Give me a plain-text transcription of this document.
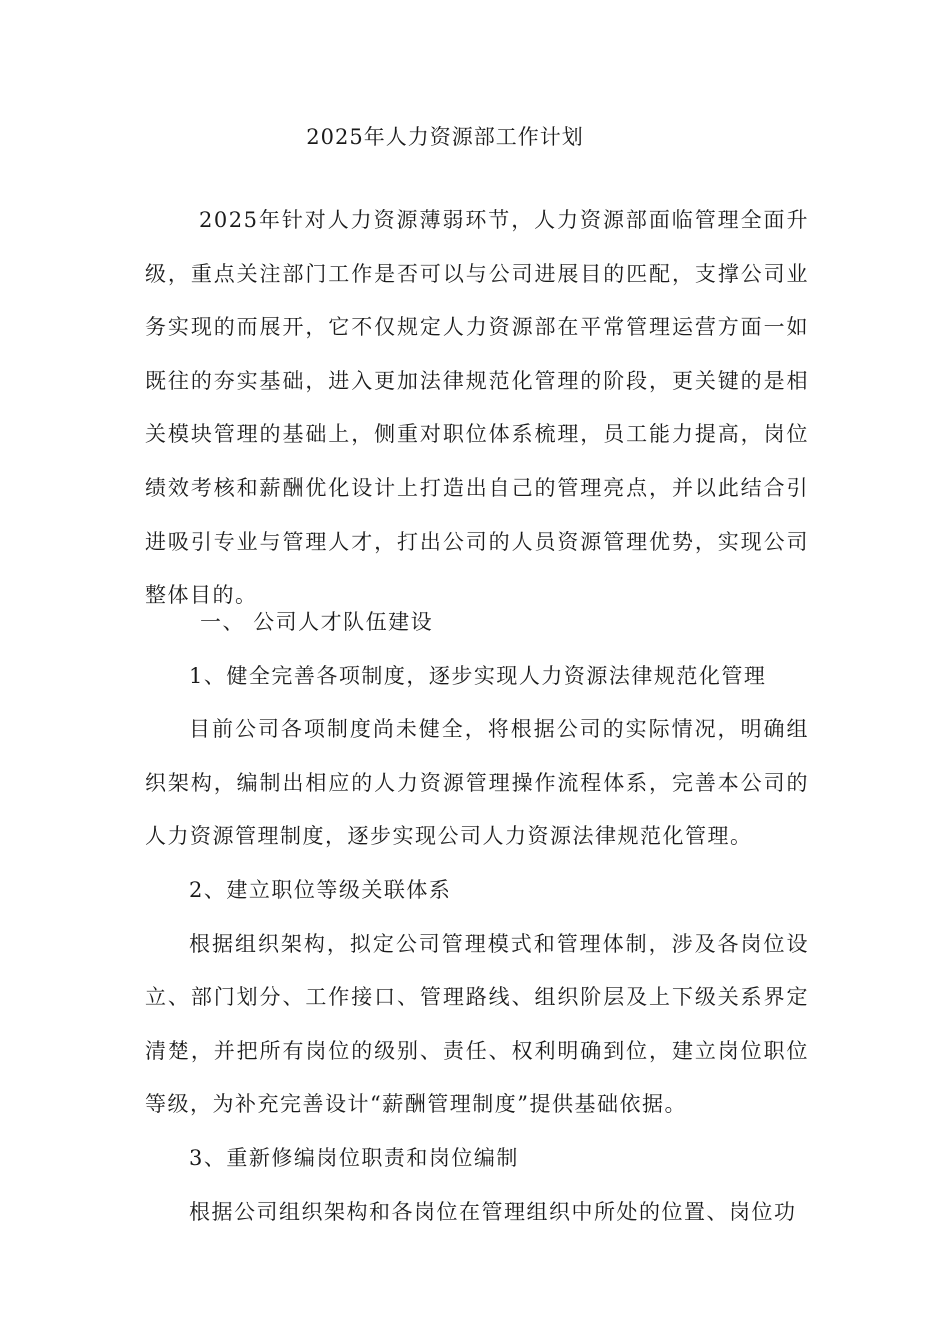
2025年人力资源部工作计划
2025年针对人力资源薄弱环节，人力资源部面临管理全面升级，重点关注部门工作是否可以与公司进展目的匹配，支撑公司业务实现的而展开，它不仅规定人力资源部在平常管理运营方面一如既往的夯实基础，进入更加法律规范化管理的阶段，更关键的是相关模块管理的基础上，侧重对职位体系梳理，员工能力提高，岗位绩效考核和薪酬优化设计上打造出自己的管理亮点，并以此结合引进吸引专业与管理人才，打出公司的人员资源管理优势，实现公司整体目的。

一、 公司人才队伍建设

1、健全完善各项制度，逐步实现人力资源法律规范化管理

目前公司各项制度尚未健全，将根据公司的实际情况，明确组织架构，编制出相应的人力资源管理操作流程体系，完善本公司的人力资源管理制度，逐步实现公司人力资源法律规范化管理。

2、建立职位等级关联体系

根据组织架构，拟定公司管理模式和管理体制，涉及各岗位设立、部门划分、工作接口、管理路线、组织阶层及上下级关系界定清楚，并把所有岗位的级别、责任、权利明确到位，建立岗位职位等级，为补充完善设计“薪酬管理制度”提供基础依据。

3、重新修编岗位职责和岗位编制

根据公司组织架构和各岗位在管理组织中所处的位置、岗位功
